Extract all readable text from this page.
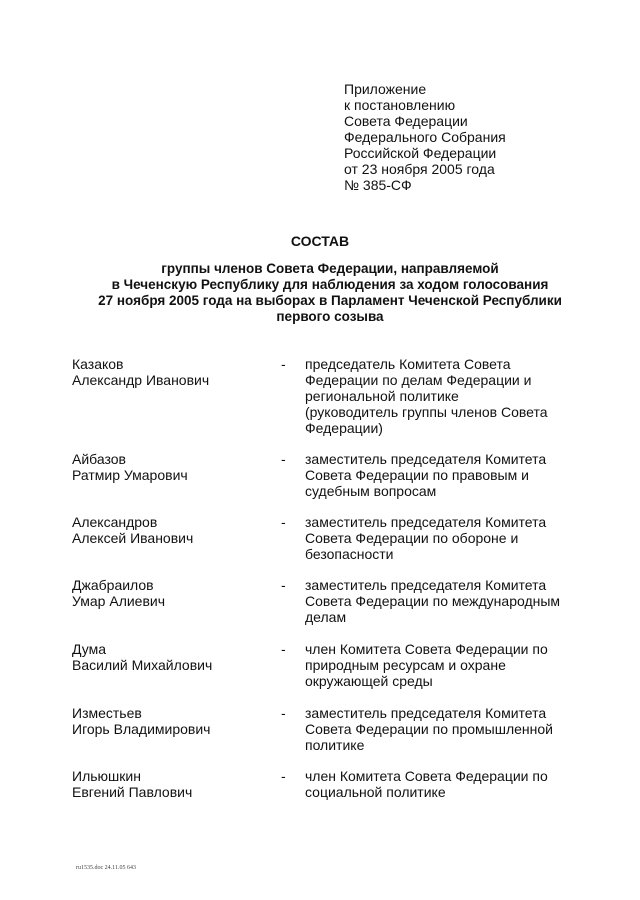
Приложение
к постановлению
Совета Федерации
Федерального Собрания
Российской Федерации
от 23 ноября 2005 года
№ 385-СФ
СОСТАВ
группы членов Совета Федерации, направляемой
в Чеченскую Республику для наблюдения за ходом голосования
27 ноября 2005 года на выборах в Парламент Чеченской Республики
первого созыва
Казаков
Александр Иванович
- председатель Комитета Совета
Федерации по делам Федерации и
региональной политике
(руководитель группы членов Совета
Федерации)
Айбазов
Ратмир Умарович
- заместитель председателя Комитета
Совета Федерации по правовым и
судебным вопросам
Александров
Алексей Иванович
- заместитель председателя Комитета
Совета Федерации по обороне и
безопасности
Джабраилов
Умар Алиевич
- заместитель председателя Комитета
Совета Федерации по международным
делам
Дума
Василий Михайлович
- член Комитета Совета Федерации по
природным ресурсам и охране
окружающей среды
Изместьев
Игорь Владимирович
- заместитель председателя Комитета
Совета Федерации по промышленной
политике
Ильюшкин
Евгений Павлович
- член Комитета Совета Федерации по
социальной политике
ru1535.doc 24.11.05 643
